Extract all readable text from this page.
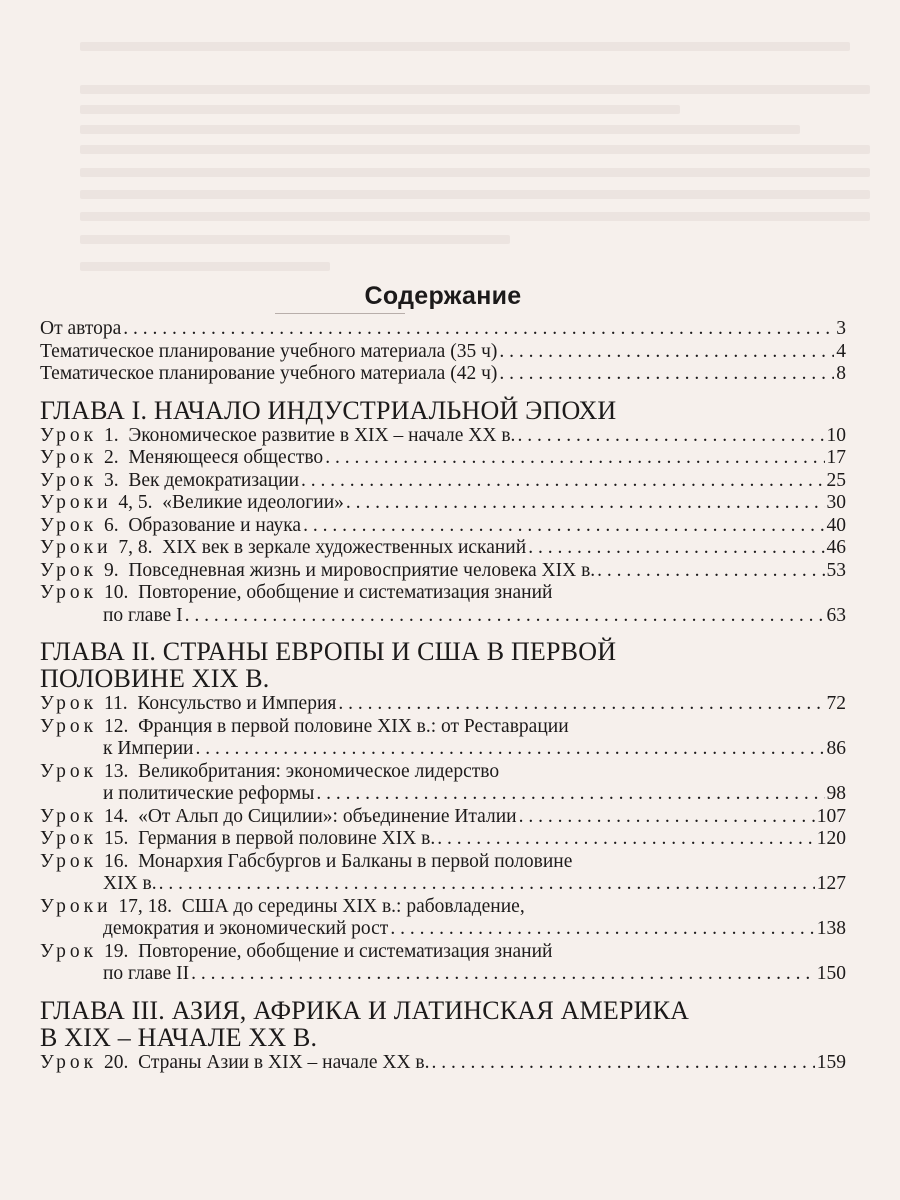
Содержание
От автора . . .	3
Тематическое планирование учебного материала (35 ч) . . .	4
Тематическое планирование учебного материала (42 ч) . . .	8
ГЛАВА I. НАЧАЛО ИНДУСТРИАЛЬНОЙ ЭПОХИ
Урок 1. Экономическое развитие в XIX – начале XX в. . . .	10
Урок 2. Меняющееся общество . . .	17
Урок 3. Век демократизации . . .	25
Уроки 4, 5. «Великие идеологии» . . .	30
Урок 6. Образование и наука . . .	40
Уроки 7, 8. XIX век в зеркале художественных исканий . . .	46
Урок 9. Повседневная жизнь и мировосприятие человека XIX в. . . .	53
Урок 10. Повторение, обобщение и систематизация знаний
по главе I . . .	63
ГЛАВА II. СТРАНЫ ЕВРОПЫ И США В ПЕРВОЙ
ПОЛОВИНЕ XIX В.
Урок 11. Консульство и Империя . . .	72
Урок 12. Франция в первой половине XIX в.: от Реставрации
к Империи . . .	86
Урок 13. Великобритания: экономическое лидерство
и политические реформы . . .	98
Урок 14. «От Альп до Сицилии»: объединение Италии . . .	107
Урок 15. Германия в первой половине XIX в. . . .	120
Урок 16. Монархия Габсбургов и Балканы в первой половине
XIX в. . . .	127
Уроки 17, 18. США до середины XIX в.: рабовладение,
демократия и экономический рост . . .	138
Урок 19. Повторение, обобщение и систематизация знаний
по главе II . . .	150
ГЛАВА III. АЗИЯ, АФРИКА И ЛАТИНСКАЯ АМЕРИКА
В XIX – НАЧАЛЕ XX В.
Урок 20. Страны Азии в XIX – начале XX в. . . .	159
